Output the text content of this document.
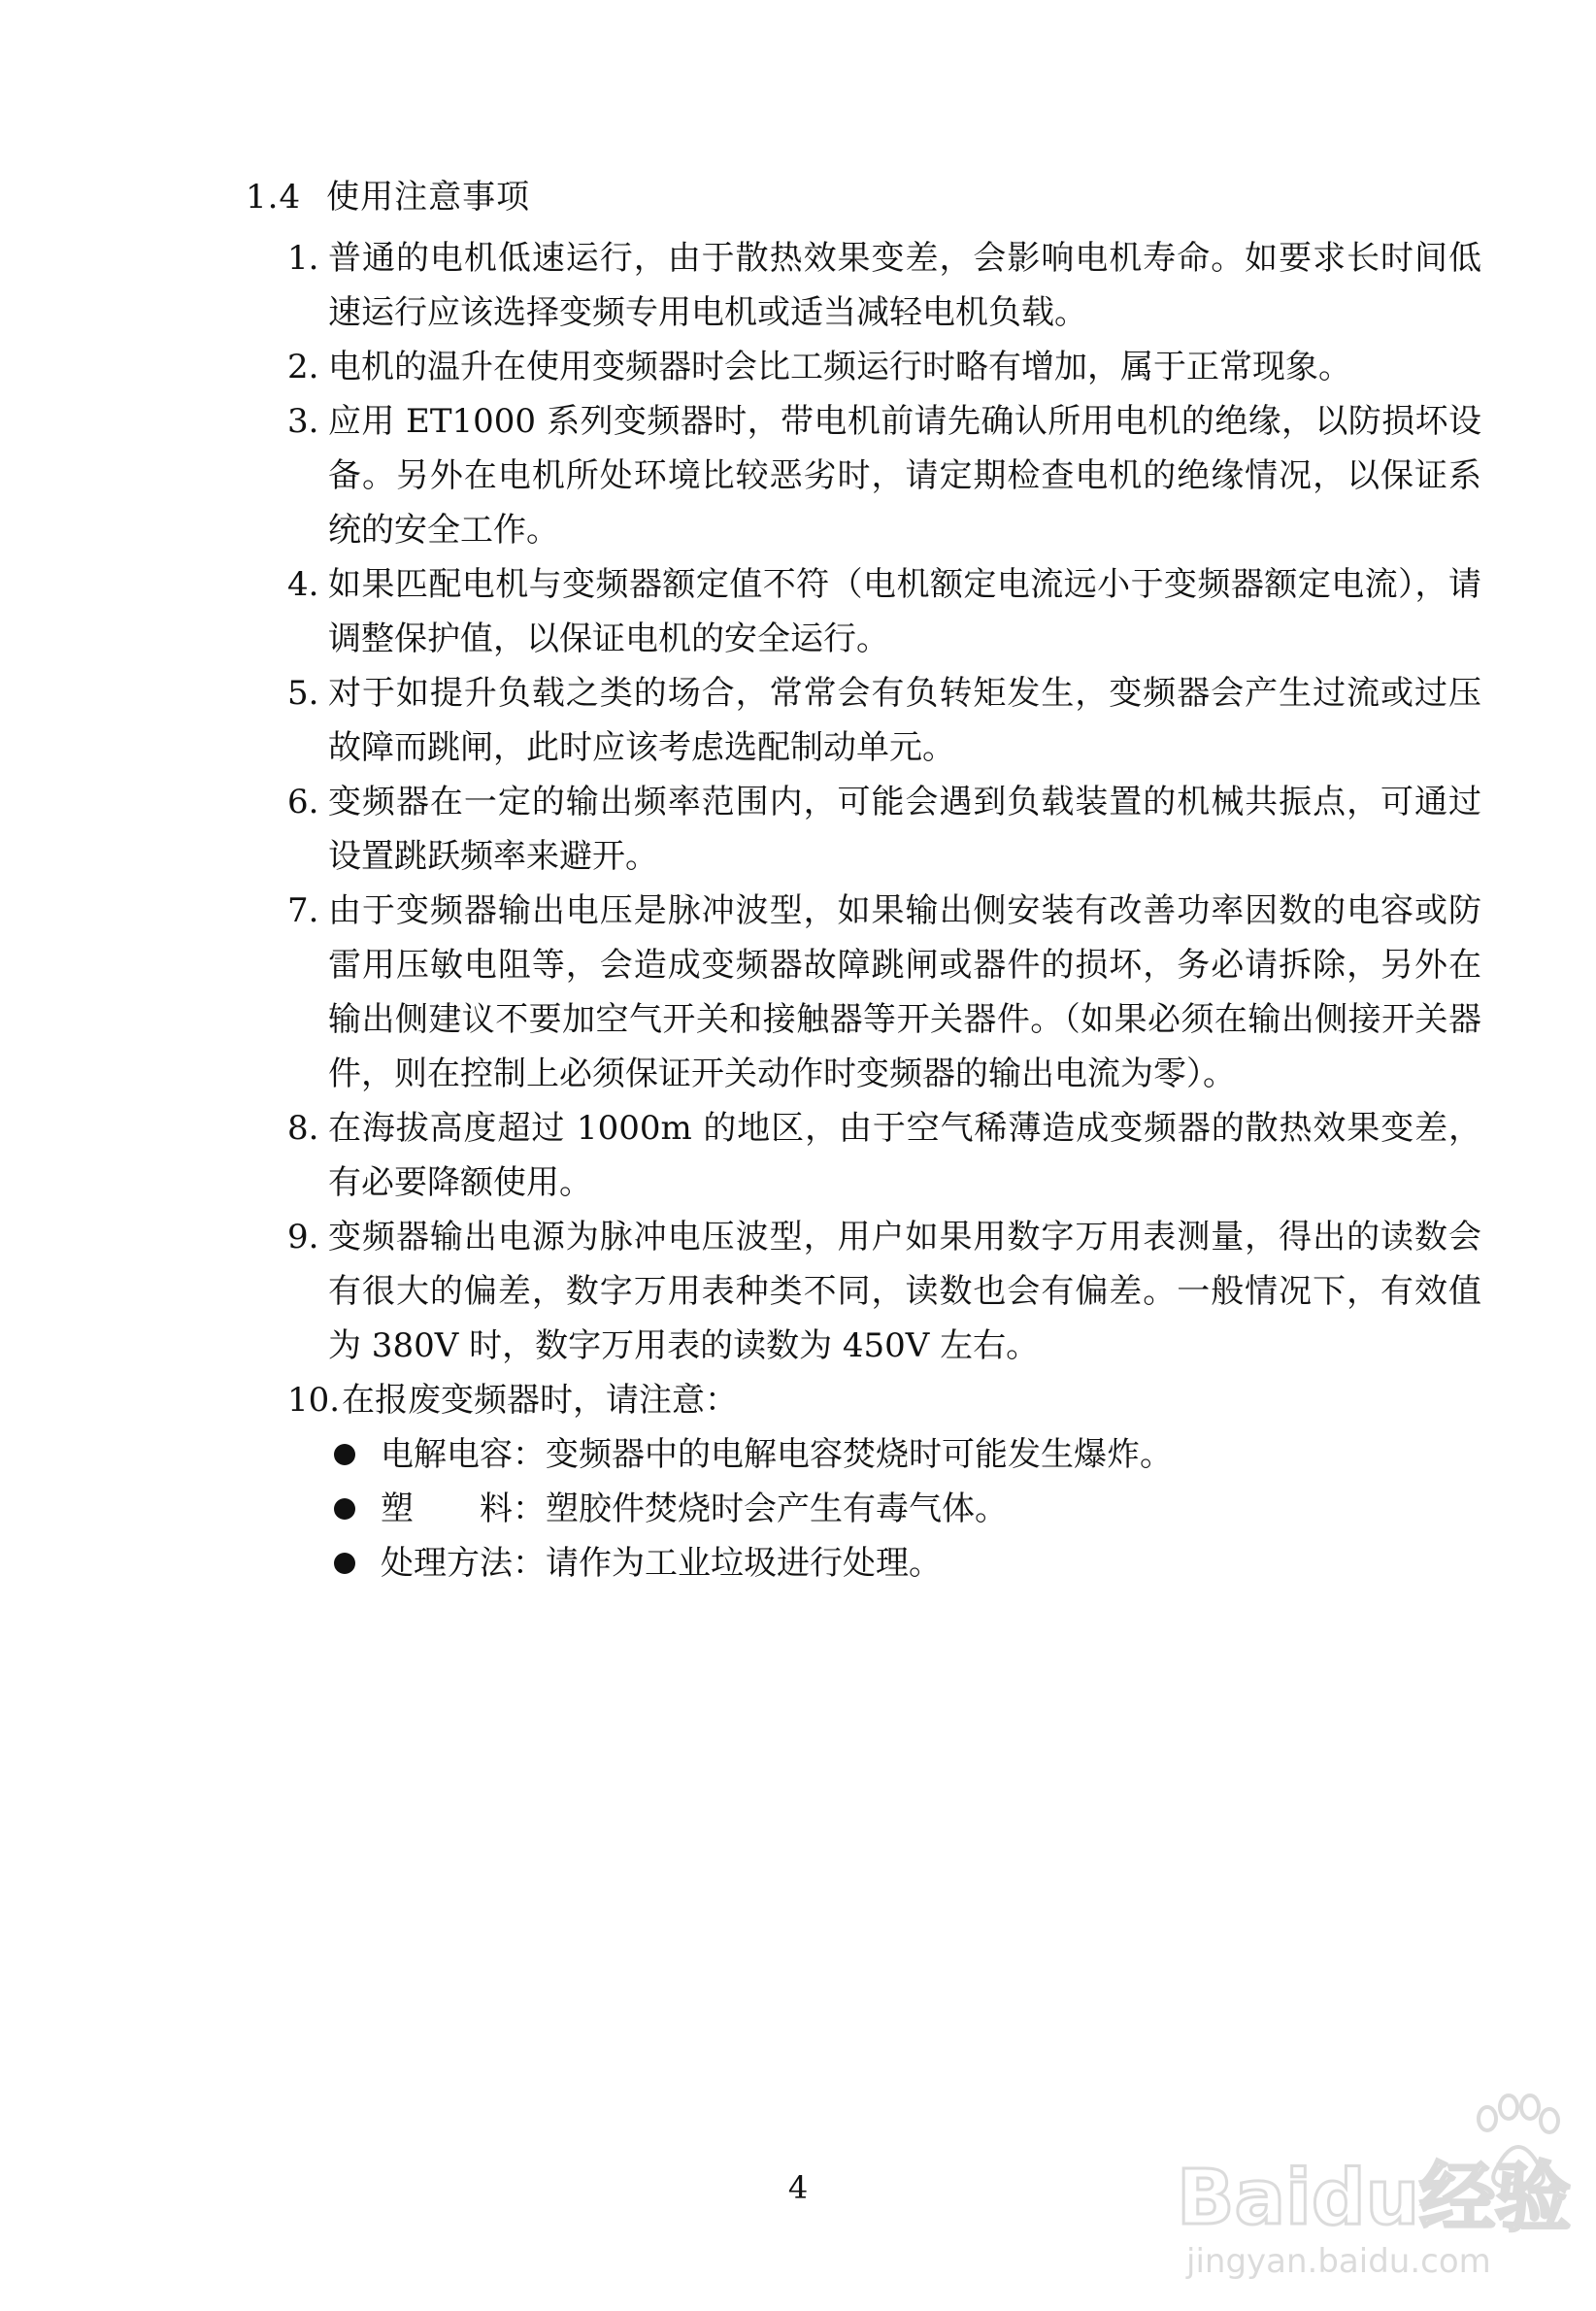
1.4 使用注意事项
1. 普通的电机低速运行，由于散热效果变差，会影响电机寿命。如要求长时间低速运行应该选择变频专用电机或适当减轻电机负载。
2. 电机的温升在使用变频器时会比工频运行时略有增加，属于正常现象。
3. 应用 ET1000 系列变频器时，带电机前请先确认所用电机的绝缘，以防损坏设备。另外在电机所处环境比较恶劣时，请定期检查电机的绝缘情况，以保证系统的安全工作。
4. 如果匹配电机与变频器额定值不符（电机额定电流远小于变频器额定电流），请调整保护值，以保证电机的安全运行。
5. 对于如提升负载之类的场合，常常会有负转矩发生，变频器会产生过流或过压故障而跳闸，此时应该考虑选配制动单元。
6. 变频器在一定的输出频率范围内，可能会遇到负载装置的机械共振点，可通过设置跳跃频率来避开。
7. 由于变频器输出电压是脉冲波型，如果输出侧安装有改善功率因数的电容或防雷用压敏电阻等，会造成变频器故障跳闸或器件的损坏，务必请拆除，另外在输出侧建议不要加空气开关和接触器等开关器件。（如果必须在输出侧接开关器件，则在控制上必须保证开关动作时变频器的输出电流为零）。
8. 在海拔高度超过 1000m 的地区，由于空气稀薄造成变频器的散热效果变差，有必要降额使用。
9. 变频器输出电源为脉冲电压波型，用户如果用数字万用表测量，得出的读数会有很大的偏差，数字万用表种类不同，读数也会有偏差。一般情况下，有效值为 380V 时，数字万用表的读数为 450V 左右。
10. 在报废变频器时，请注意：
电解电容：变频器中的电解电容焚烧时可能发生爆炸。
塑　　料：塑胶件焚烧时会产生有毒气体。
处理方法：请作为工业垃圾进行处理。
4	Baidu经验
jingyan.baidu.com
